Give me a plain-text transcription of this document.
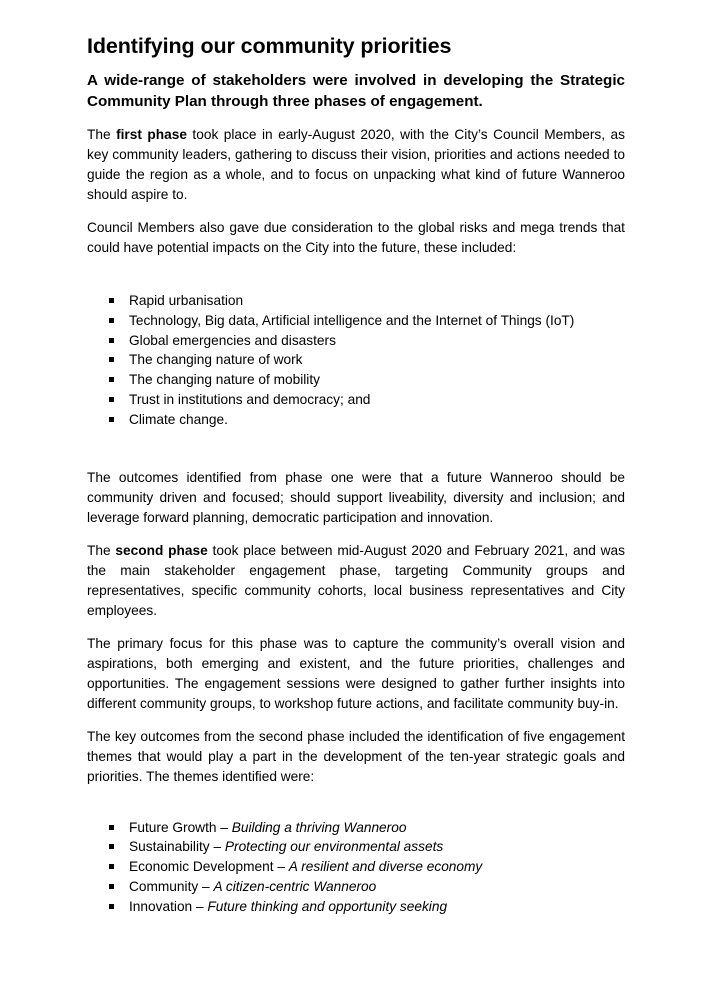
Identifying our community priorities
A wide-range of stakeholders were involved in developing the Strategic Community Plan through three phases of engagement.

The first phase took place in early-August 2020, with the City’s Council Members, as key community leaders, gathering to discuss their vision, priorities and actions needed to guide the region as a whole, and to focus on unpacking what kind of future Wanneroo should aspire to.

Council Members also gave due consideration to the global risks and mega trends that could have potential impacts on the City into the future, these included:

Rapid urbanisation
Technology, Big data, Artificial intelligence and the Internet of Things (IoT)
Global emergencies and disasters
The changing nature of work
The changing nature of mobility
Trust in institutions and democracy; and
Climate change.

The outcomes identified from phase one were that a future Wanneroo should be community driven and focused; should support liveability, diversity and inclusion; and leverage forward planning, democratic participation and innovation.

The second phase took place between mid-August 2020 and February 2021, and was the main stakeholder engagement phase, targeting Community groups and representatives, specific community cohorts, local business representatives and City employees.

The primary focus for this phase was to capture the community’s overall vision and aspirations, both emerging and existent, and the future priorities, challenges and opportunities. The engagement sessions were designed to gather further insights into different community groups, to workshop future actions, and facilitate community buy-in.

The key outcomes from the second phase included the identification of five engagement themes that would play a part in the development of the ten-year strategic goals and priorities. The themes identified were:

Future Growth – Building a thriving Wanneroo
Sustainability – Protecting our environmental assets
Economic Development – A resilient and diverse economy
Community – A citizen-centric Wanneroo
Innovation – Future thinking and opportunity seeking
